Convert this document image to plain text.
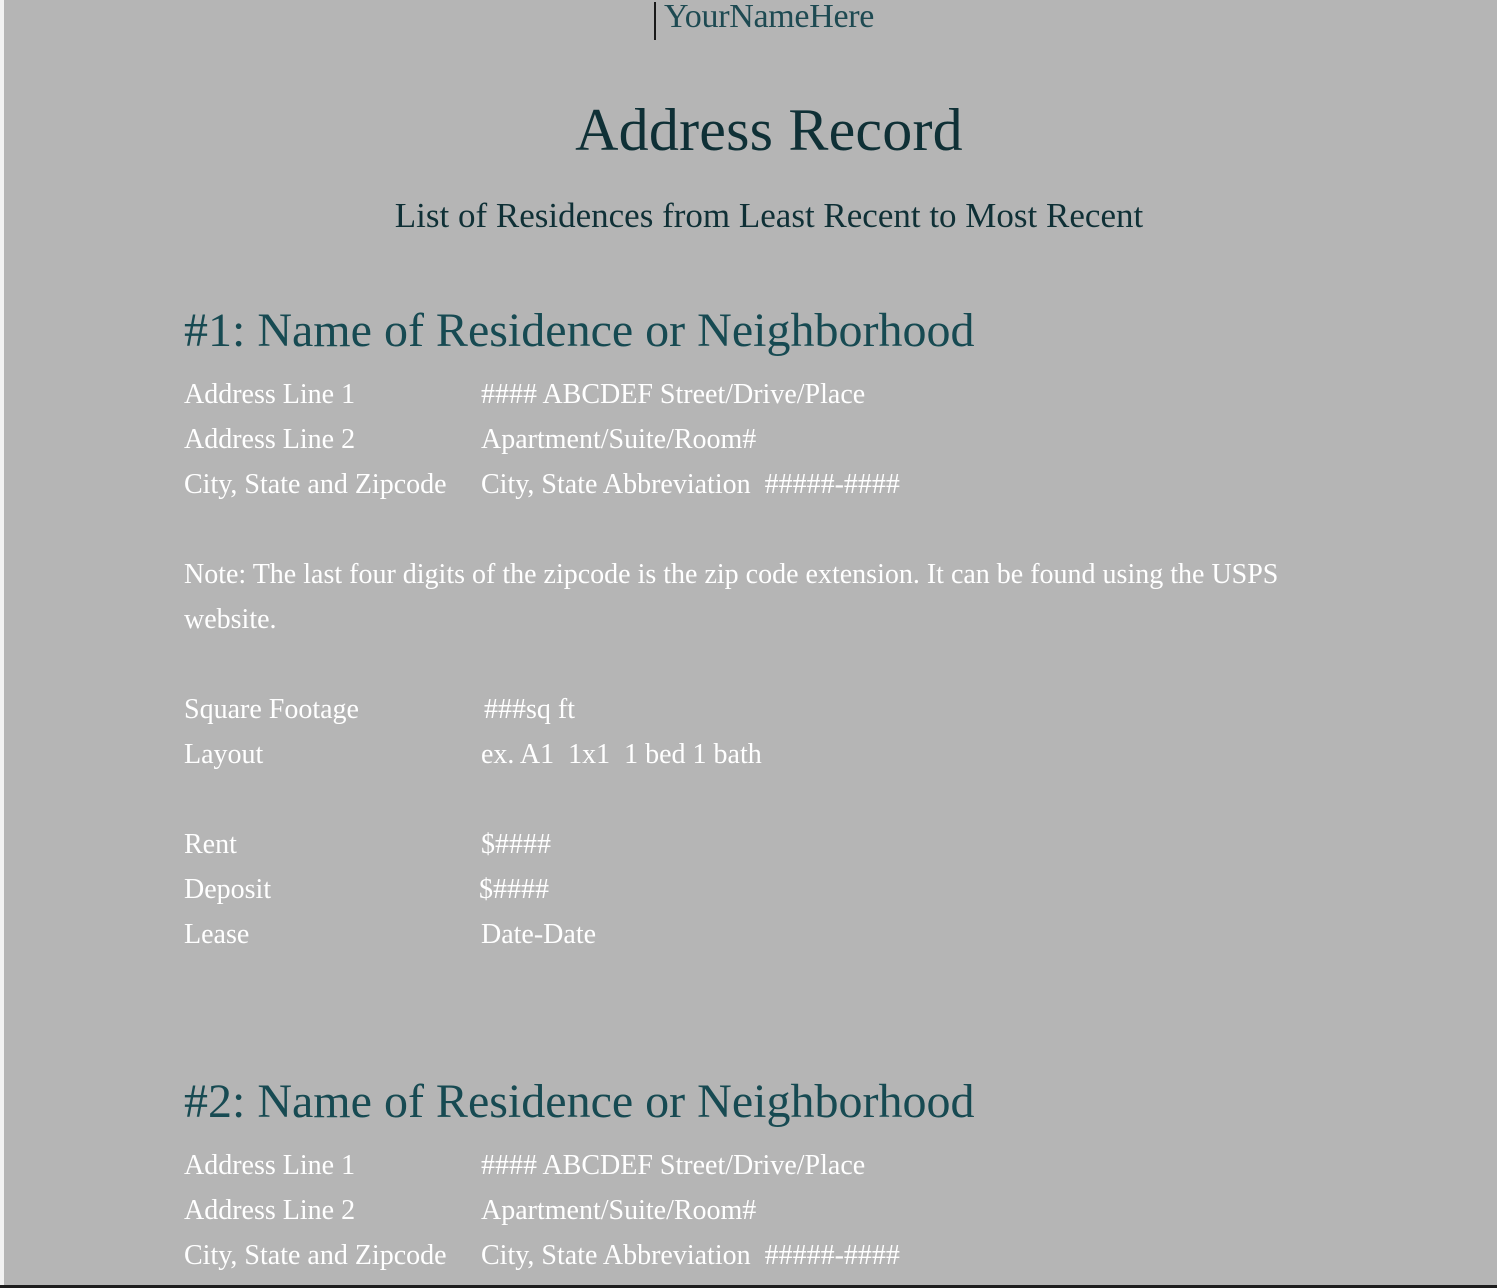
YourNameHere
Address Record
List of Residences from Least Recent to Most Recent
#1: Name of Residence or Neighborhood
Address Line 1	#### ABCDEF Street/Drive/Place
Address Line 2	Apartment/Suite/Room#
City, State and Zipcode	City, State Abbreviation  #####-####
Note: The last four digits of the zipcode is the zip code extension. It can be found using the USPS website.
Square Footage	###sq ft
Layout	ex. A1  1x1  1 bed 1 bath
Rent	$####
Deposit	$####
Lease	Date-Date
#2: Name of Residence or Neighborhood
Address Line 1	#### ABCDEF Street/Drive/Place
Address Line 2	Apartment/Suite/Room#
City, State and Zipcode	City, State Abbreviation  #####-####
